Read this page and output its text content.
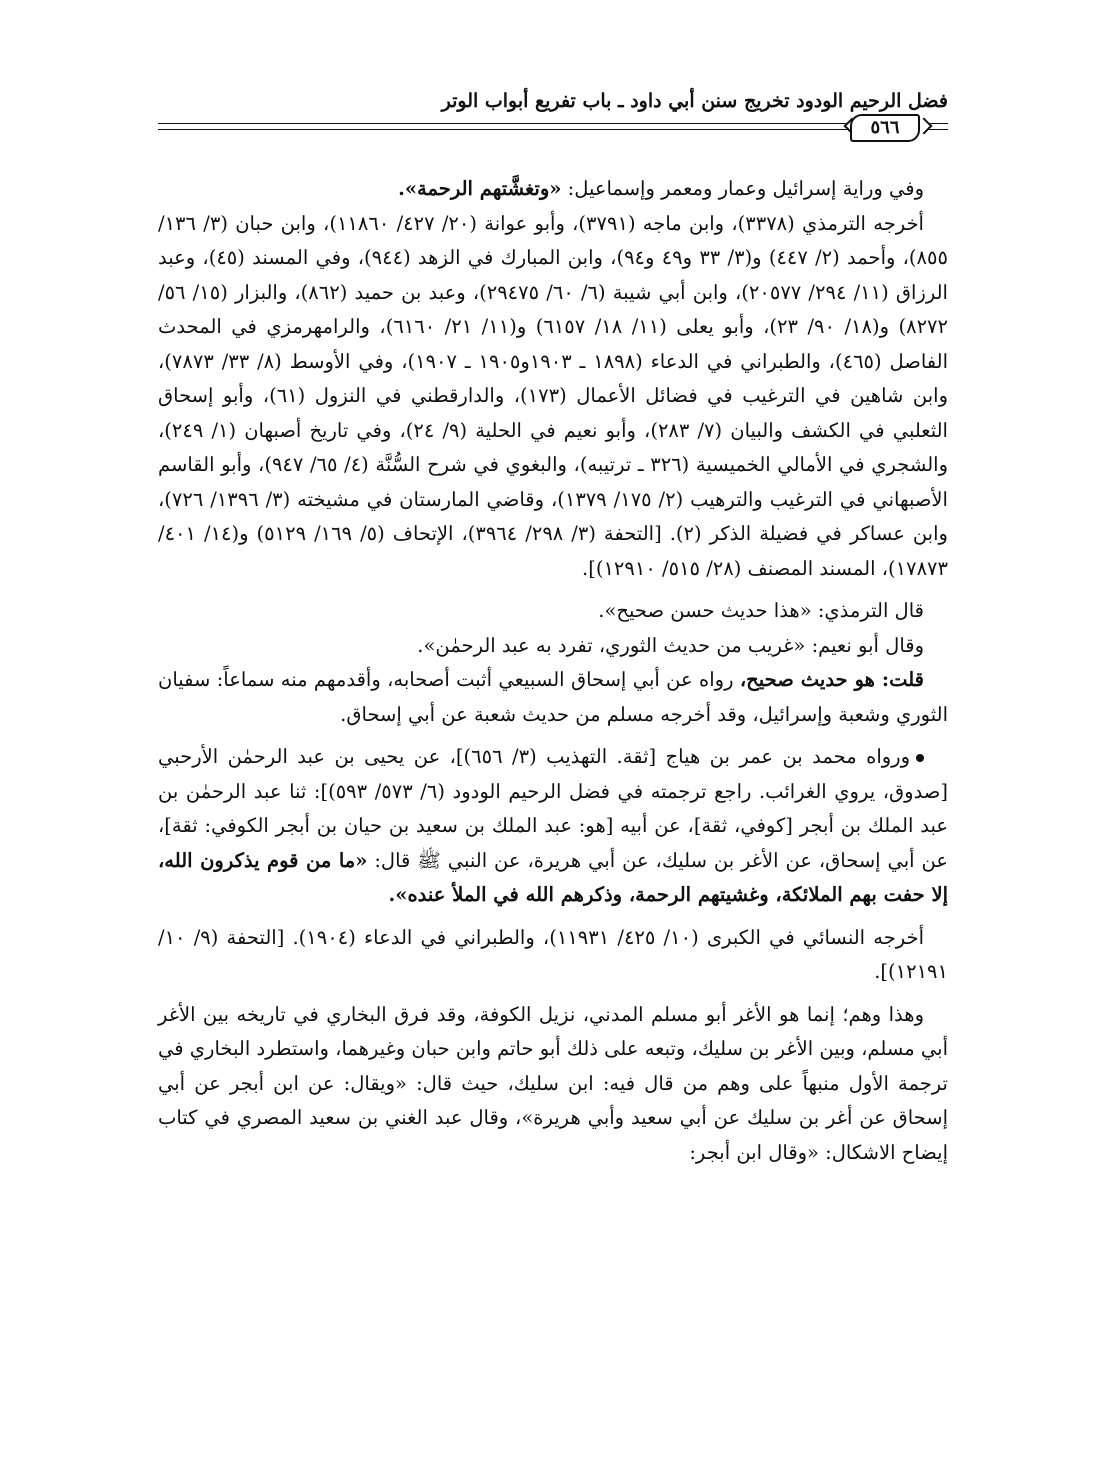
فضل الرحيم الودود تخريج سنن أبي داود ـ باب تفريع أبواب الوتر
٥٦٦

وفي وراية إسرائيل وعمار ومعمر وإسماعيل: «وتغشَّتهم الرحمة».

أخرجه الترمذي (٣٣٧٨)، وابن ماجه (٣٧٩١)، وأبو عوانة (٢٠/ ٤٢٧/ ١١٨٦٠)، وابن حبان (٣/ ١٣٦/ ٨٥٥)، وأحمد (٢/ ٤٤٧) و(٣/ ٣٣ و٤٩ و٩٤)، وابن المبارك في الزهد (٩٤٤)، وفي المسند (٤٥)، وعبد الرزاق (١١/ ٢٩٤/ ٢٠٥٧٧)، وابن أبي شيبة (٦/ ٦٠/ ٢٩٤٧٥)، وعبد بن حميد (٨٦٢)، والبزار (١٥/ ٥٦/ ٨٢٧٢) و(١٨/ ٩٠/ ٢٣)، وأبو يعلى (١١/ ١٨/ ٦١٥٧) و(١١/ ٢١/ ٦١٦٠)، والرامهرمزي في المحدث الفاصل (٤٦٥)، والطبراني في الدعاء (١٨٩٨ ـ ١٩٠٣و١٩٠٥ ـ ١٩٠٧)، وفي الأوسط (٨/ ٣٣/ ٧٨٧٣)، وابن شاهين في الترغيب في فضائل الأعمال (١٧٣)، والدارقطني في النزول (٦١)، وأبو إسحاق الثعلبي في الكشف والبيان (٧/ ٢٨٣)، وأبو نعيم في الحلية (٩/ ٢٤)، وفي تاريخ أصبهان (١/ ٢٤٩)، والشجري في الأمالي الخميسية (٣٢٦ ـ ترتيبه)، والبغوي في شرح السُّنَّة (٤/ ٦٥/ ٩٤٧)، وأبو القاسم الأصبهاني في الترغيب والترهيب (٢/ ١٧٥/ ١٣٧٩)، وقاضي المارستان في مشيخته (٣/ ١٣٩٦/ ٧٢٦)، وابن عساكر في فضيلة الذكر (٢). [التحفة (٣/ ٢٩٨/ ٣٩٦٤)، الإتحاف (٥/ ١٦٩/ ٥١٢٩) و(١٤/ ٤٠١/ ١٧٨٧٣)، المسند المصنف (٢٨/ ٥١٥/ ١٢٩١٠)].

قال الترمذي: «هذا حديث حسن صحيح».

وقال أبو نعيم: «غريب من حديث الثوري، تفرد به عبد الرحمٰن».

قلت: هو حديث صحيح، رواه عن أبي إسحاق السبيعي أثبت أصحابه، وأقدمهم منه سماعاً: سفيان الثوري وشعبة وإسرائيل، وقد أخرجه مسلم من حديث شعبة عن أبي إسحاق.

ورواه محمد بن عمر بن هياج [ثقة. التهذيب (٣/ ٦٥٦)]، عن يحيى بن عبد الرحمٰن الأرحبي [صدوق، يروي الغرائب. راجع ترجمته في فضل الرحيم الودود (٦/ ٥٧٣/ ٥٩٣)]: ثنا عبد الرحمٰن بن عبد الملك بن أبجر [كوفي، ثقة]، عن أبيه [هو: عبد الملك بن سعيد بن حيان بن أبجر الكوفي: ثقة]، عن أبي إسحاق، عن الأغر بن سليك، عن أبي هريرة، عن النبي ﷺ قال: «ما من قوم يذكرون الله، إلا حفت بهم الملائكة، وغشيتهم الرحمة، وذكرهم الله في الملأ عنده».

أخرجه النسائي في الكبرى (١٠/ ٤٢٥/ ١١٩٣١)، والطبراني في الدعاء (١٩٠٤). [التحفة (٩/ ١٠/ ١٢١٩١)].

وهذا وهم؛ إنما هو الأغر أبو مسلم المدني، نزيل الكوفة، وقد فرق البخاري في تاريخه بين الأغر أبي مسلم، وبين الأغر بن سليك، وتبعه على ذلك أبو حاتم وابن حبان وغيرهما، واستطرد البخاري في ترجمة الأول منبهاً على وهم من قال فيه: ابن سليك، حيث قال: «ويقال: عن ابن أبجر عن أبي إسحاق عن أغر بن سليك عن أبي سعيد وأبي هريرة»، وقال عبد الغني بن سعيد المصري في كتاب إيضاح الاشكال: «وقال ابن أبجر:
